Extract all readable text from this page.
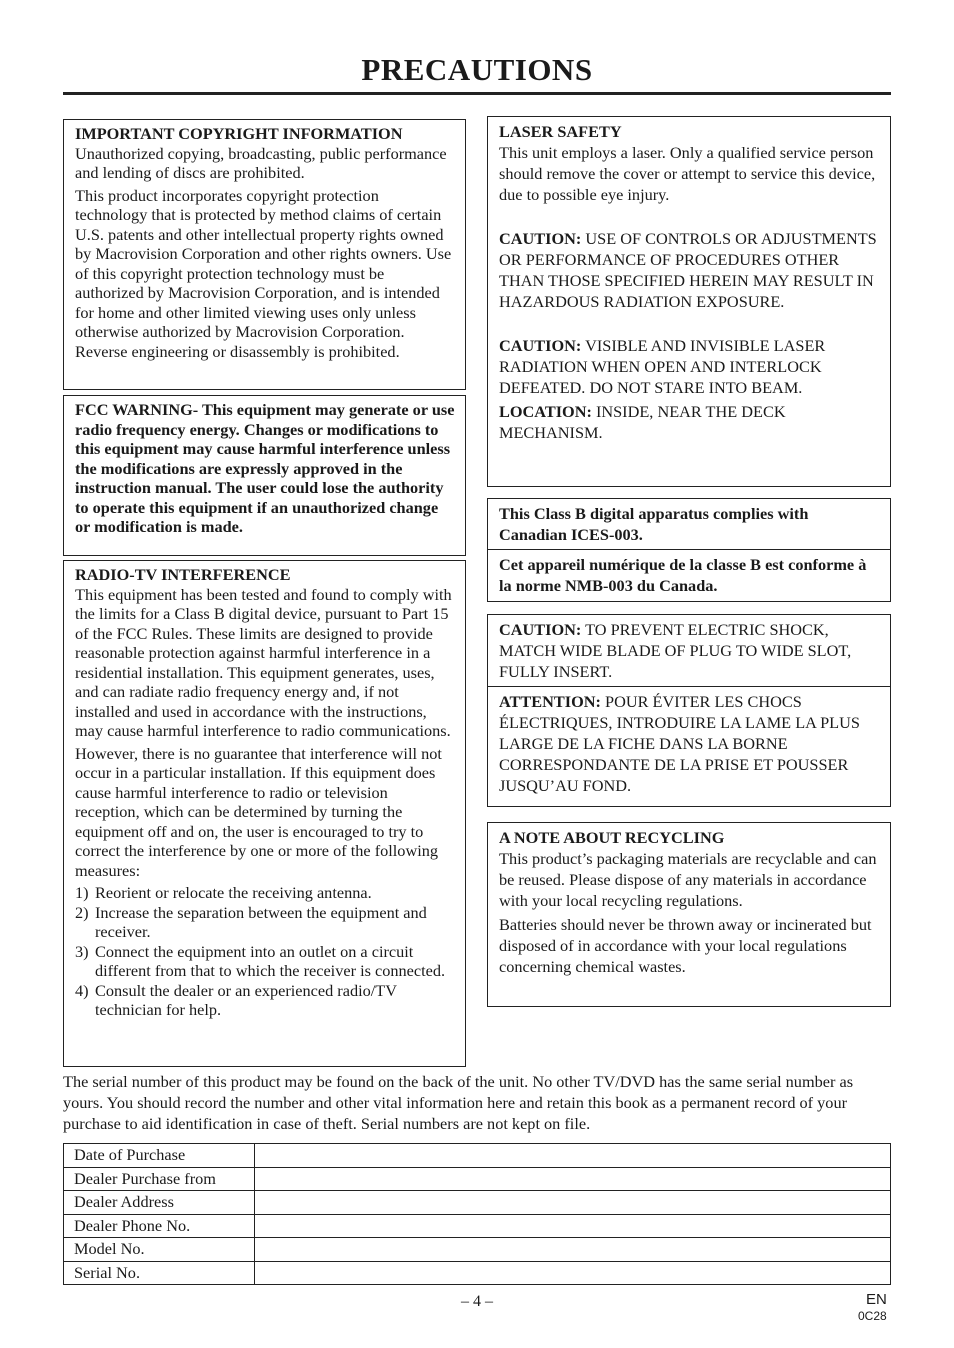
PRECAUTIONS
IMPORTANT COPYRIGHT INFORMATION
Unauthorized copying, broadcasting, public performance and lending of discs are prohibited.
This product incorporates copyright protection technology that is protected by method claims of certain U.S. patents and other intellectual property rights owned by Macrovision Corporation and other rights owners. Use of this copyright protection technology must be authorized by Macrovision Corporation, and is intended for home and other limited viewing uses only unless otherwise authorized by Macrovision Corporation. Reverse engineering or disassembly is prohibited.
FCC WARNING- This equipment may generate or use radio frequency energy. Changes or modifications to this equipment may cause harmful interference unless the modifications are expressly approved in the instruction manual. The user could lose the authority to operate this equipment if an unauthorized change or modification is made.
RADIO-TV INTERFERENCE
This equipment has been tested and found to comply with the limits for a Class B digital device, pursuant to Part 15 of the FCC Rules. These limits are designed to provide reasonable protection against harmful interference in a residential installation. This equipment generates, uses, and can radiate radio frequency energy and, if not installed and used in accordance with the instructions, may cause harmful interference to radio communications.
However, there is no guarantee that interference will not occur in a particular installation. If this equipment does cause harmful interference to radio or television reception, which can be determined by turning the equipment off and on, the user is encouraged to try to correct the interference by one or more of the following measures:
1) Reorient or relocate the receiving antenna.
2) Increase the separation between the equipment and receiver.
3) Connect the equipment into an outlet on a circuit different from that to which the receiver is connected.
4) Consult the dealer or an experienced radio/TV technician for help.
LASER SAFETY
This unit employs a laser. Only a qualified service person should remove the cover or attempt to service this device, due to possible eye injury.
CAUTION: USE OF CONTROLS OR ADJUSTMENTS OR PERFORMANCE OF PROCEDURES OTHER THAN THOSE SPECIFIED HEREIN MAY RESULT IN HAZARDOUS RADIATION EXPOSURE.
CAUTION: VISIBLE AND INVISIBLE LASER RADIATION WHEN OPEN AND INTERLOCK DEFEATED. DO NOT STARE INTO BEAM.
LOCATION: INSIDE, NEAR THE DECK MECHANISM.
This Class B digital apparatus complies with Canadian ICES-003.
Cet appareil numérique de la classe B est conforme à la norme NMB-003 du Canada.
CAUTION: TO PREVENT ELECTRIC SHOCK, MATCH WIDE BLADE OF PLUG TO WIDE SLOT, FULLY INSERT.
ATTENTION: POUR ÉVITER LES CHOCS ÉLECTRIQUES, INTRODUIRE LA LAME LA PLUS LARGE DE LA FICHE DANS LA BORNE CORRESPONDANTE DE LA PRISE ET POUSSER JUSQU’AU FOND.
A NOTE ABOUT RECYCLING
This product’s packaging materials are recyclable and can be reused. Please dispose of any materials in accordance with your local recycling regulations.
Batteries should never be thrown away or incinerated but disposed of in accordance with your local regulations concerning chemical wastes.
The serial number of this product may be found on the back of the unit. No other TV/DVD has the same serial number as yours. You should record the number and other vital information here and retain this book as a permanent record of your purchase to aid identification in case of theft. Serial numbers are not kept on file.
Date of Purchase	
Dealer Purchase from	
Dealer Address	
Dealer Phone No.	
Model No.	
Serial No.	
– 4 –	EN
0C28
